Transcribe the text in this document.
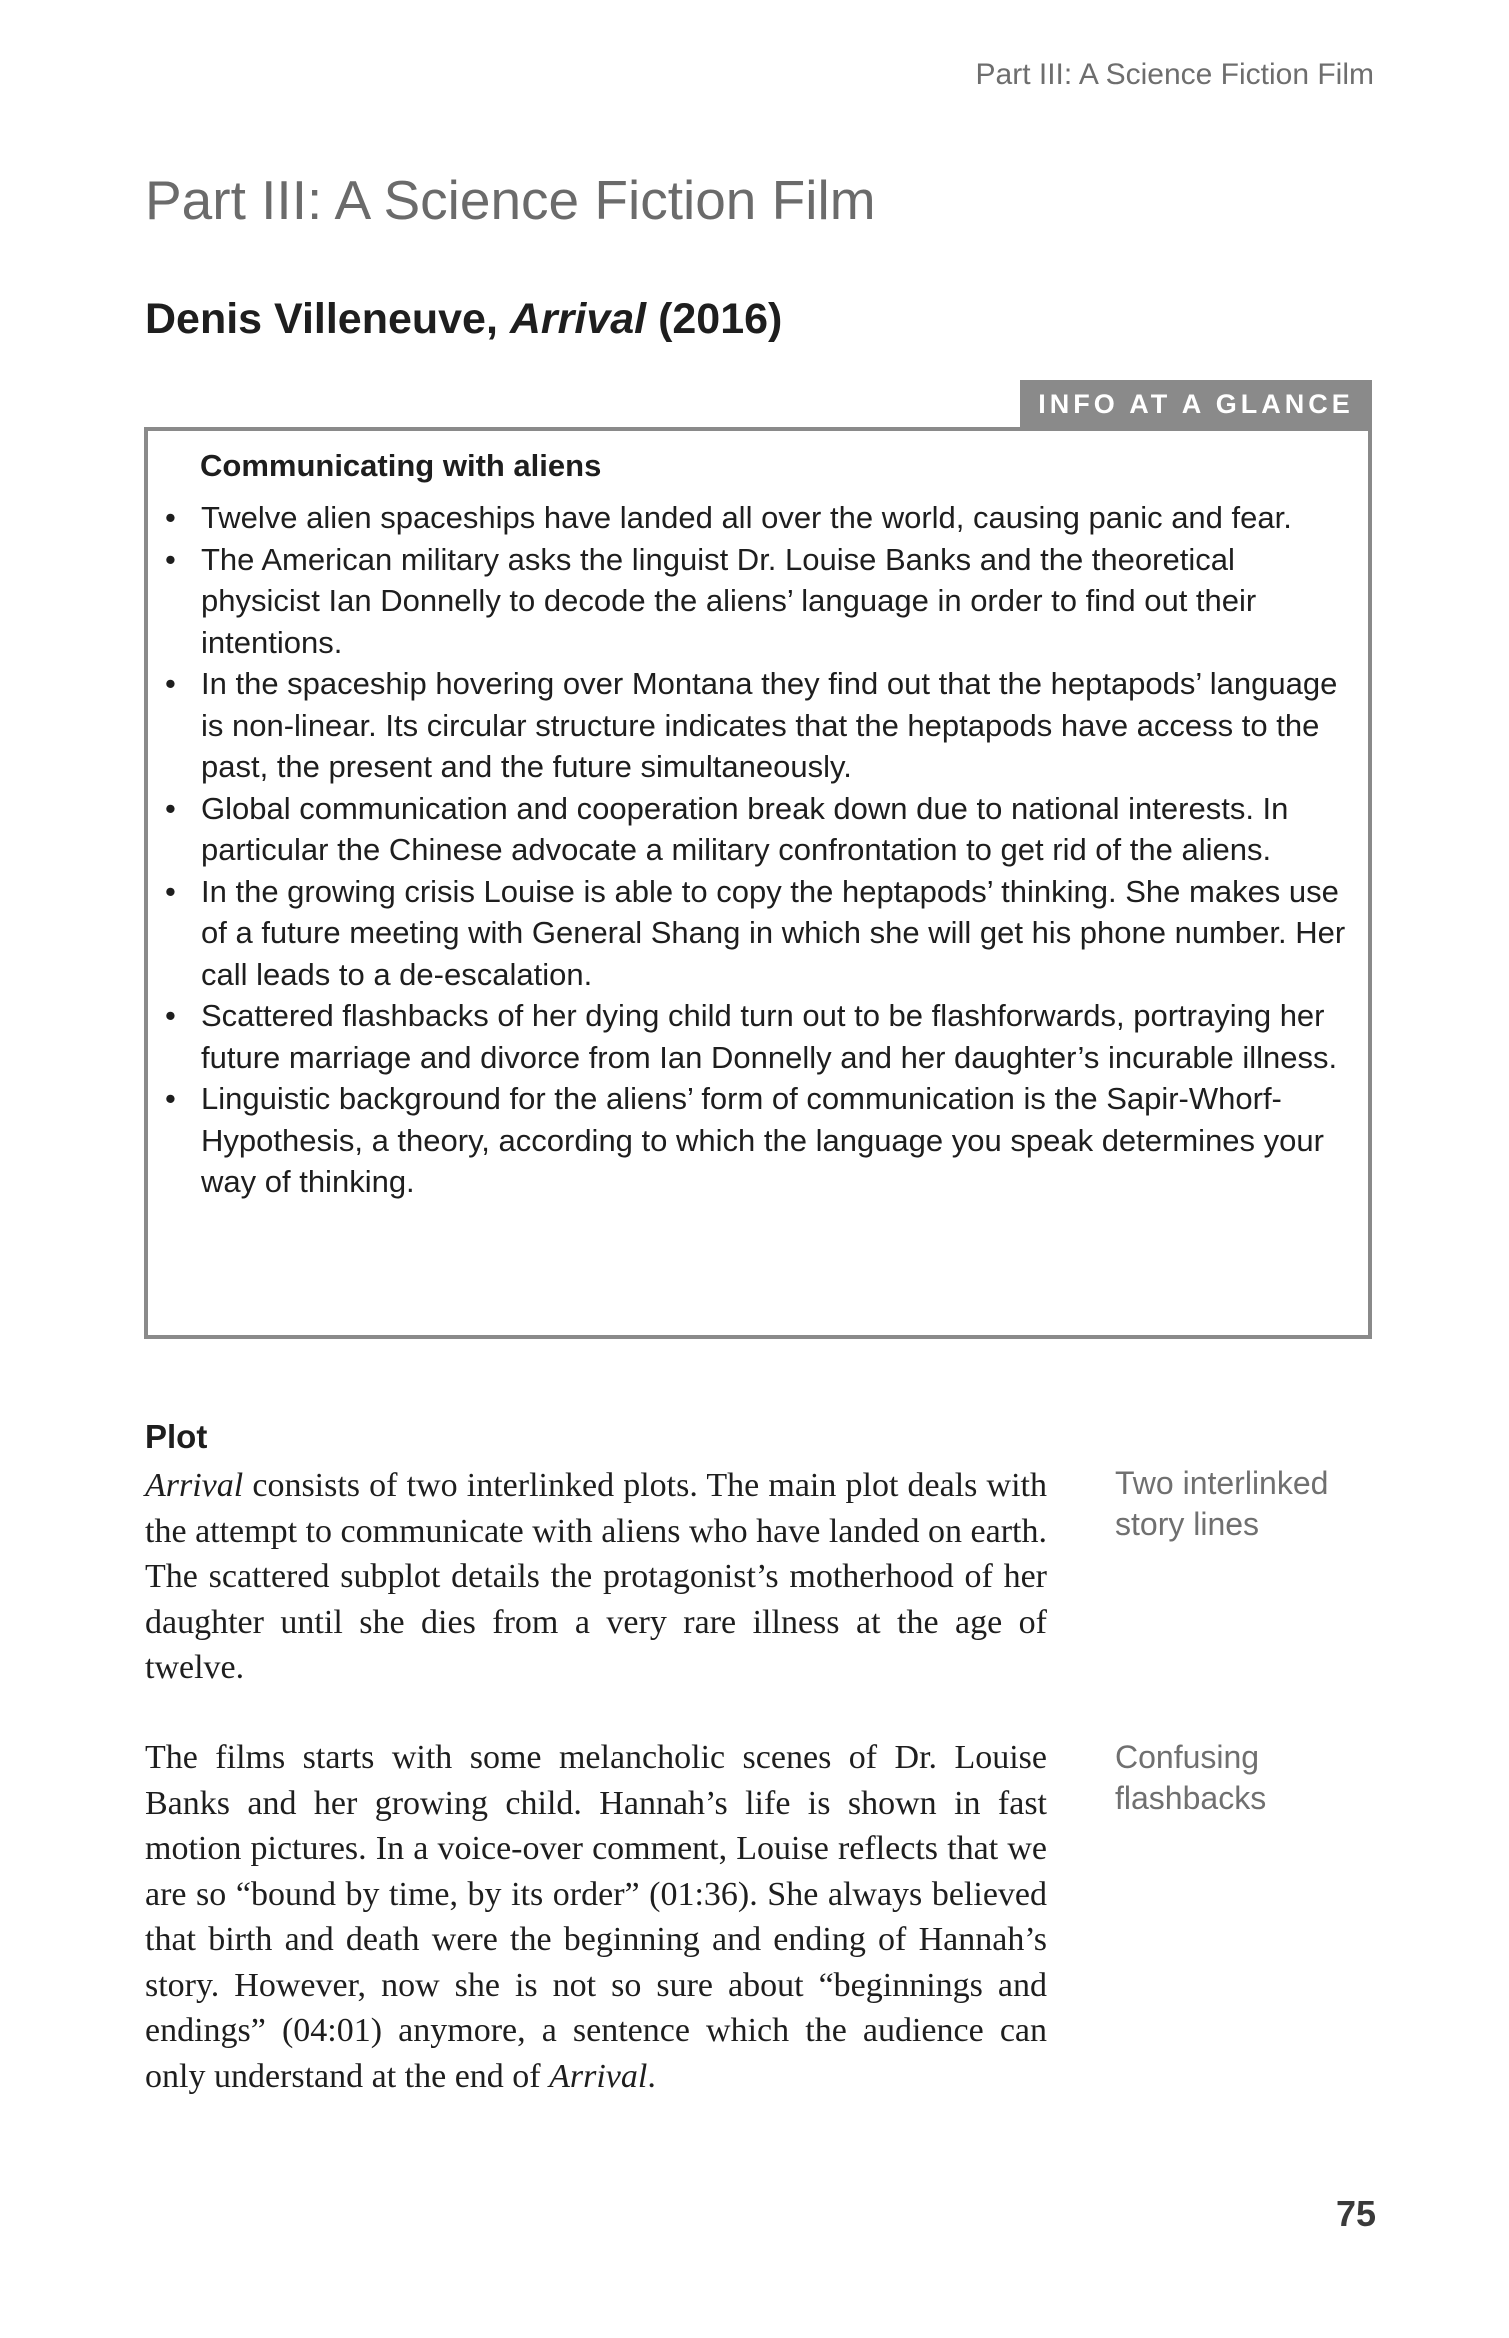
Part III: A Science Fiction Film
Part III: A Science Fiction Film
Denis Villeneuve, Arrival (2016)
INFO AT A GLANCE
Communicating with aliens
• Twelve alien spaceships have landed all over the world, causing panic and fear.
• The American military asks the linguist Dr. Louise Banks and the theoretical physicist Ian Donnelly to decode the aliens’ language in order to find out their intentions.
• In the spaceship hovering over Montana they find out that the heptapods’ language is non-linear. Its circular structure indicates that the heptapods have access to the past, the present and the future simultaneously.
• Global communication and cooperation break down due to national interests. In particular the Chinese advocate a military confrontation to get rid of the aliens.
• In the growing crisis Louise is able to copy the heptapods’ thinking. She makes use of a future meeting with General Shang in which she will get his phone number. Her call leads to a de-escalation.
• Scattered flashbacks of her dying child turn out to be flashforwards, portraying her future marriage and divorce from Ian Donnelly and her daughter’s incurable illness.
• Linguistic background for the aliens’ form of communication is the Sapir-Whorf-Hypothesis, a theory, according to which the language you speak determines your way of thinking.
Plot

Arrival consists of two interlinked plots. The main plot deals with the attempt to communicate with aliens who have landed on earth. The scattered subplot details the protagonist’s motherhood of her daughter until she dies from a very rare illness at the age of twelve.

The films starts with some melancholic scenes of Dr. Louise Banks and her growing child. Hannah’s life is shown in fast motion pictures. In a voice-over comment, Louise reflects that we are so “bound by time, by its order” (01:36). She always believed that birth and death were the beginning and ending of Hannah’s story. However, now she is not so sure about “beginnings and endings” (04:01) anymore, a sentence which the audience can only understand at the end of Arrival.

Two interlinked story lines

Confusing flashbacks

75
